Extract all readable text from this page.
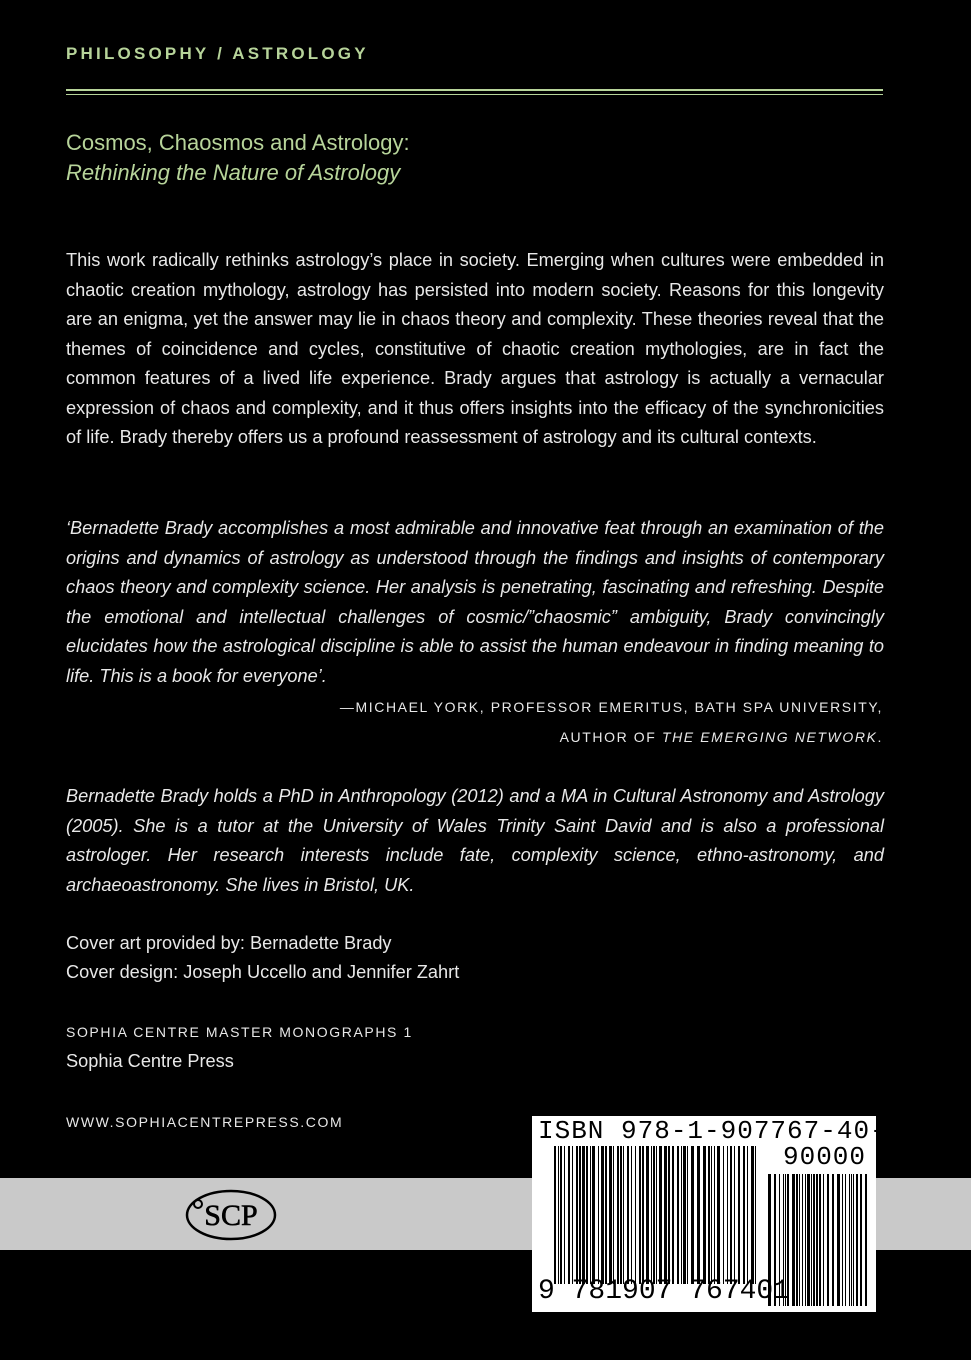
PHILOSOPHY / ASTROLOGY
Cosmos, Chaosmos and Astrology:
Rethinking the Nature of Astrology

This work radically rethinks astrology’s place in society. Emerging when cultures were embedded in chaotic creation mythology, astrology has persisted into modern society. Reasons for this longevity are an enigma, yet the answer may lie in chaos theory and complexity. These theories reveal that the themes of coincidence and cycles, constitutive of chaotic creation mythologies, are in fact the common features of a lived life experience. Brady argues that astrology is actually a vernacular expression of chaos and complexity, and it thus offers insights into the efficacy of the synchronicities of life. Brady thereby offers us a profound reassessment of astrology and its cultural contexts.

‘Bernadette Brady accomplishes a most admirable and innovative feat through an examination of the origins and dynamics of astrology as understood through the findings and insights of contemporary chaos theory and complexity science. Her analysis is penetrating, fascinating and refreshing. Despite the emotional and intellectual challenges of cosmic/”chaosmic” ambiguity, Brady convincingly elucidates how the astrological discipline is able to assist the human endeavour in finding meaning to life. This is a book for everyone’.

—MICHAEL YORK, PROFESSOR EMERITUS, BATH SPA UNIVERSITY,
AUTHOR OF THE EMERGING NETWORK.

Bernadette Brady holds a PhD in Anthropology (2012) and a MA in Cultural Astronomy and Astrology (2005). She is a tutor at the University of Wales Trinity Saint David and is also a professional astrologer. Her research interests include fate, complexity science, ethno-astronomy, and archaeoastronomy. She lives in Bristol, UK.

Cover art provided by: Bernadette Brady
Cover design: Joseph Uccello and Jennifer Zahrt
SOPHIA CENTRE MASTER MONOGRAPHS 1
Sophia Centre Press
WWW.SOPHIACENTREPRESS.COM
SCP
ISBN 978-1-907767-40-1
90000
9 781907 767401
